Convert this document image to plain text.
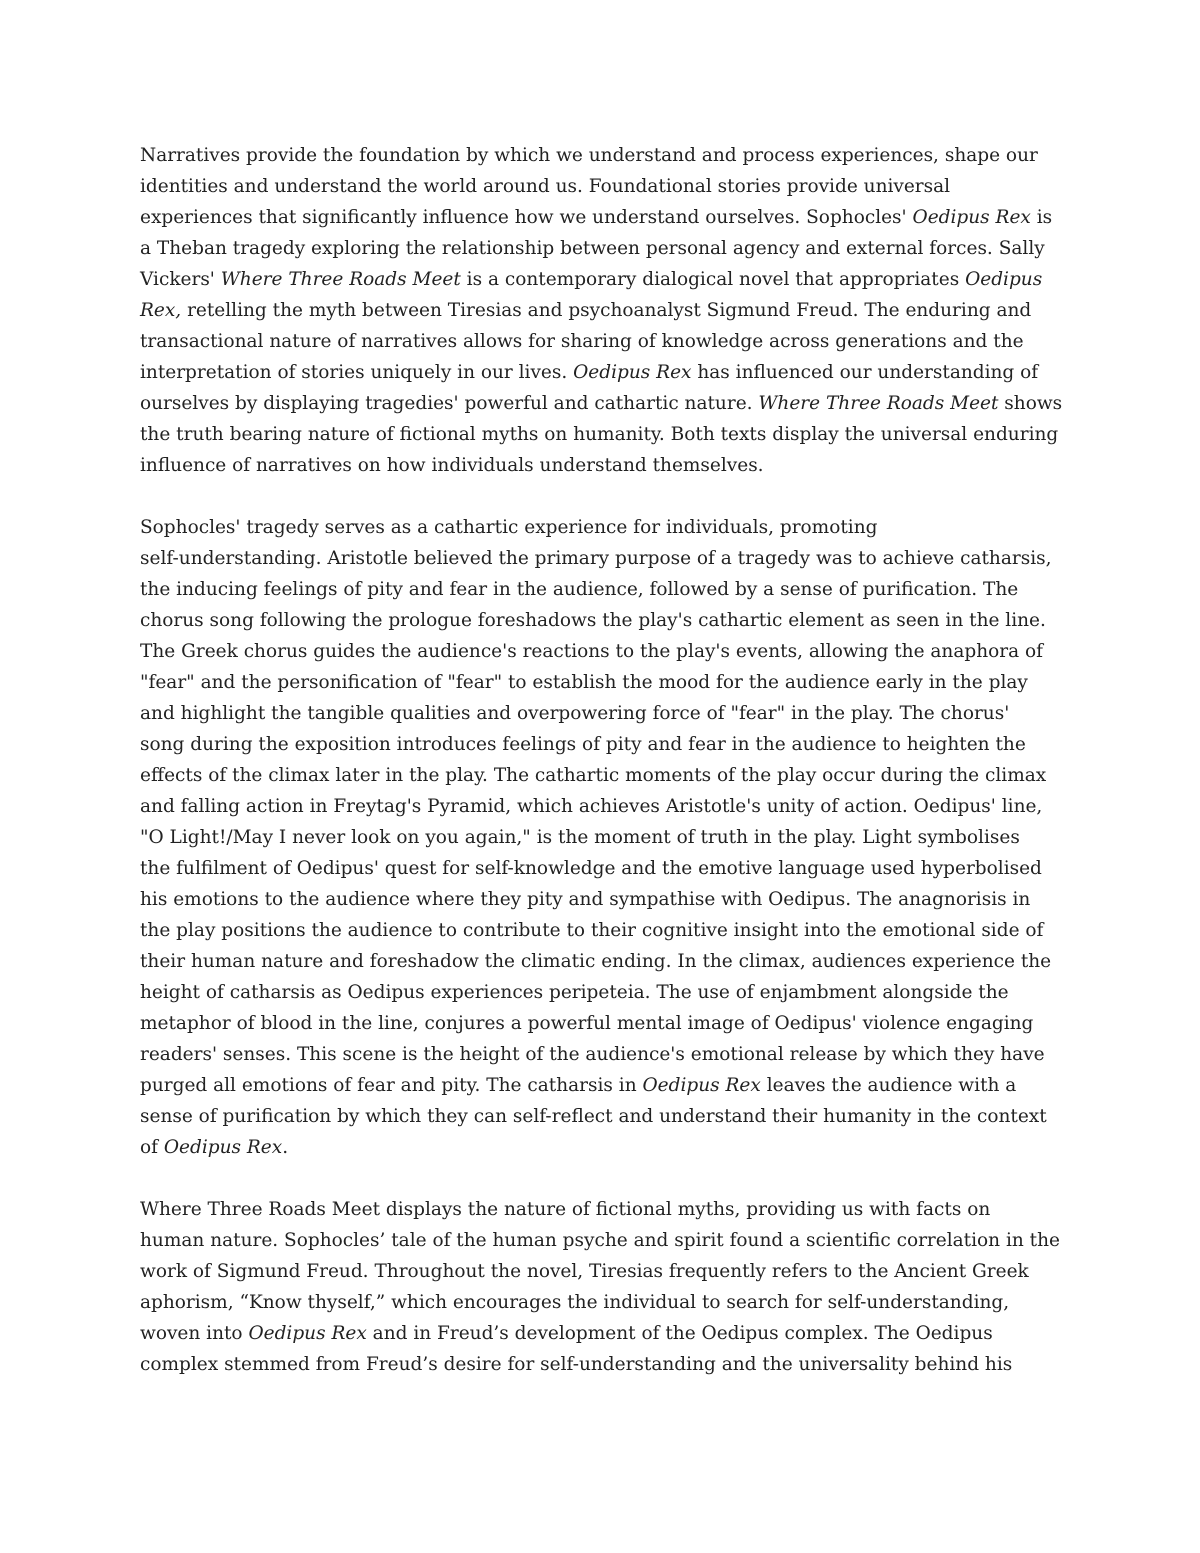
Narratives provide the foundation by which we understand and process experiences, shape our
identities and understand the world around us. Foundational stories provide universal
experiences that significantly influence how we understand ourselves. Sophocles' Oedipus Rex is
a Theban tragedy exploring the relationship between personal agency and external forces. Sally
Vickers' Where Three Roads Meet is a contemporary dialogical novel that appropriates Oedipus
Rex, retelling the myth between Tiresias and psychoanalyst Sigmund Freud. The enduring and
transactional nature of narratives allows for sharing of knowledge across generations and the
interpretation of stories uniquely in our lives. Oedipus Rex has influenced our understanding of
ourselves by displaying tragedies' powerful and cathartic nature. Where Three Roads Meet shows
the truth bearing nature of fictional myths on humanity. Both texts display the universal enduring
influence of narratives on how individuals understand themselves.
Sophocles' tragedy serves as a cathartic experience for individuals, promoting
self-understanding. Aristotle believed the primary purpose of a tragedy was to achieve catharsis,
the inducing feelings of pity and fear in the audience, followed by a sense of purification. The
chorus song following the prologue foreshadows the play's cathartic element as seen in the line.
The Greek chorus guides the audience's reactions to the play's events, allowing the anaphora of
"fear" and the personification of "fear" to establish the mood for the audience early in the play
and highlight the tangible qualities and overpowering force of "fear" in the play. The chorus'
song during the exposition introduces feelings of pity and fear in the audience to heighten the
effects of the climax later in the play. The cathartic moments of the play occur during the climax
and falling action in Freytag's Pyramid, which achieves Aristotle's unity of action. Oedipus' line,
"O Light!/May I never look on you again," is the moment of truth in the play. Light symbolises
the fulfilment of Oedipus' quest for self-knowledge and the emotive language used hyperbolised
his emotions to the audience where they pity and sympathise with Oedipus. The anagnorisis in
the play positions the audience to contribute to their cognitive insight into the emotional side of
their human nature and foreshadow the climatic ending. In the climax, audiences experience the
height of catharsis as Oedipus experiences peripeteia. The use of enjambment alongside the
metaphor of blood in the line, conjures a powerful mental image of Oedipus' violence engaging
readers' senses. This scene is the height of the audience's emotional release by which they have
purged all emotions of fear and pity. The catharsis in Oedipus Rex leaves the audience with a
sense of purification by which they can self-reflect and understand their humanity in the context
of Oedipus Rex.
Where Three Roads Meet displays the nature of fictional myths, providing us with facts on
human nature. Sophocles’ tale of the human psyche and spirit found a scientific correlation in the
work of Sigmund Freud. Throughout the novel, Tiresias frequently refers to the Ancient Greek
aphorism, “Know thyself,” which encourages the individual to search for self-understanding,
woven into Oedipus Rex and in Freud’s development of the Oedipus complex. The Oedipus
complex stemmed from Freud’s desire for self-understanding and the universality behind his
